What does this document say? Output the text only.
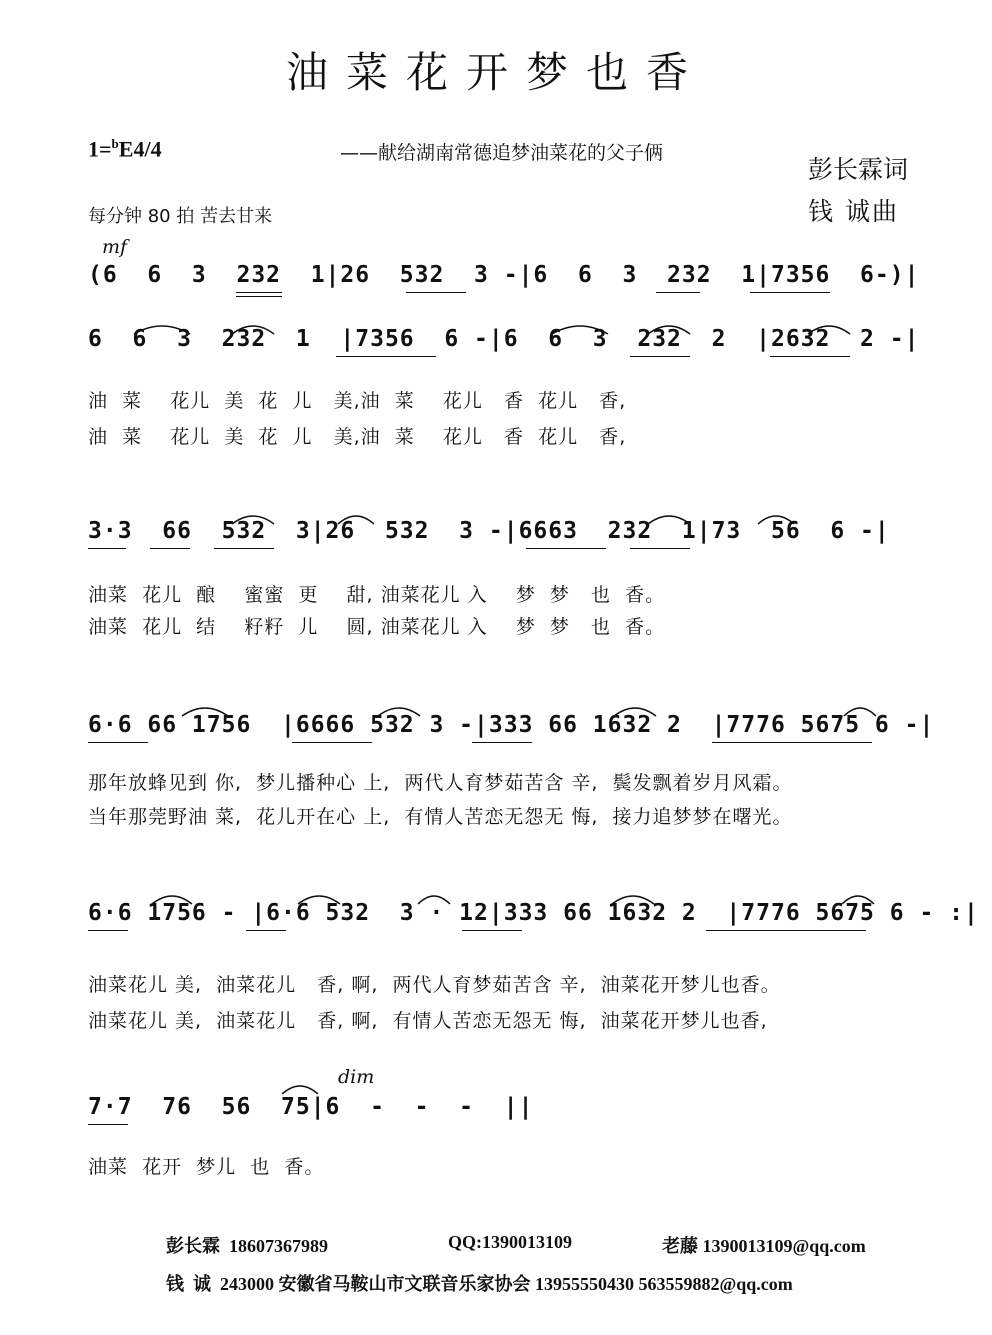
油菜花开梦也香
1=$^b$E4/4	——献给湖南常德追梦油菜花的父子俩
彭长霖词
钱 诚曲
每分钟 80 拍 苦去甘来
mf
dim
(6  6  3  232  1|26  532  3 -|6  6  3  232  1|7356  6-)|
6  6  3  232  1  |7356  6 -|6  6  3  232  2  |2632  2 -|
油  菜    花儿  美  花  儿   美,油  菜    花儿   香  花儿   香,
油  菜    花儿  美  花  儿   美,油  菜    花儿   香  花儿   香,
3·3  66  532  3|26  532  3 -|6663  232  1|73  56  6 -|
油菜  花儿  酿    蜜蜜  更    甜, 油菜花儿 入    梦  梦   也  香。
油菜  花儿  结    籽籽  儿    圆, 油菜花儿 入    梦  梦   也  香。
6·6 66 1756  |6666 532 3 -|333 66 1632 2  |7776 5675 6 -|
那年放蜂见到 你,  梦儿播种心 上,  两代人育梦茹苦含 辛,  鬓发飘着岁月风霜。
当年那莞野油 菜,  花儿开在心 上,  有情人苦恋无怨无 悔,  接力追梦梦在曙光。
6·6 1756 - |6·6 532  3 · 12|333 66 1632 2  |7776 5675 6 - :|
油菜花儿 美,  油菜花儿   香, 啊,  两代人育梦茹苦含 辛,  油菜花开梦儿也香。
油菜花儿 美,  油菜花儿   香, 啊,  有情人苦恋无怨无 悔,  油菜花开梦儿也香,
7·7  76  56  75|6  -  -  -  ||
油菜  花开  梦儿  也  香。
彭长霖  18607367989	QQ:1390013109	老藤 1390013109@qq.com
钱  诚  243000 安徽省马鞍山市文联音乐家协会 13955550430 563559882@qq.com
